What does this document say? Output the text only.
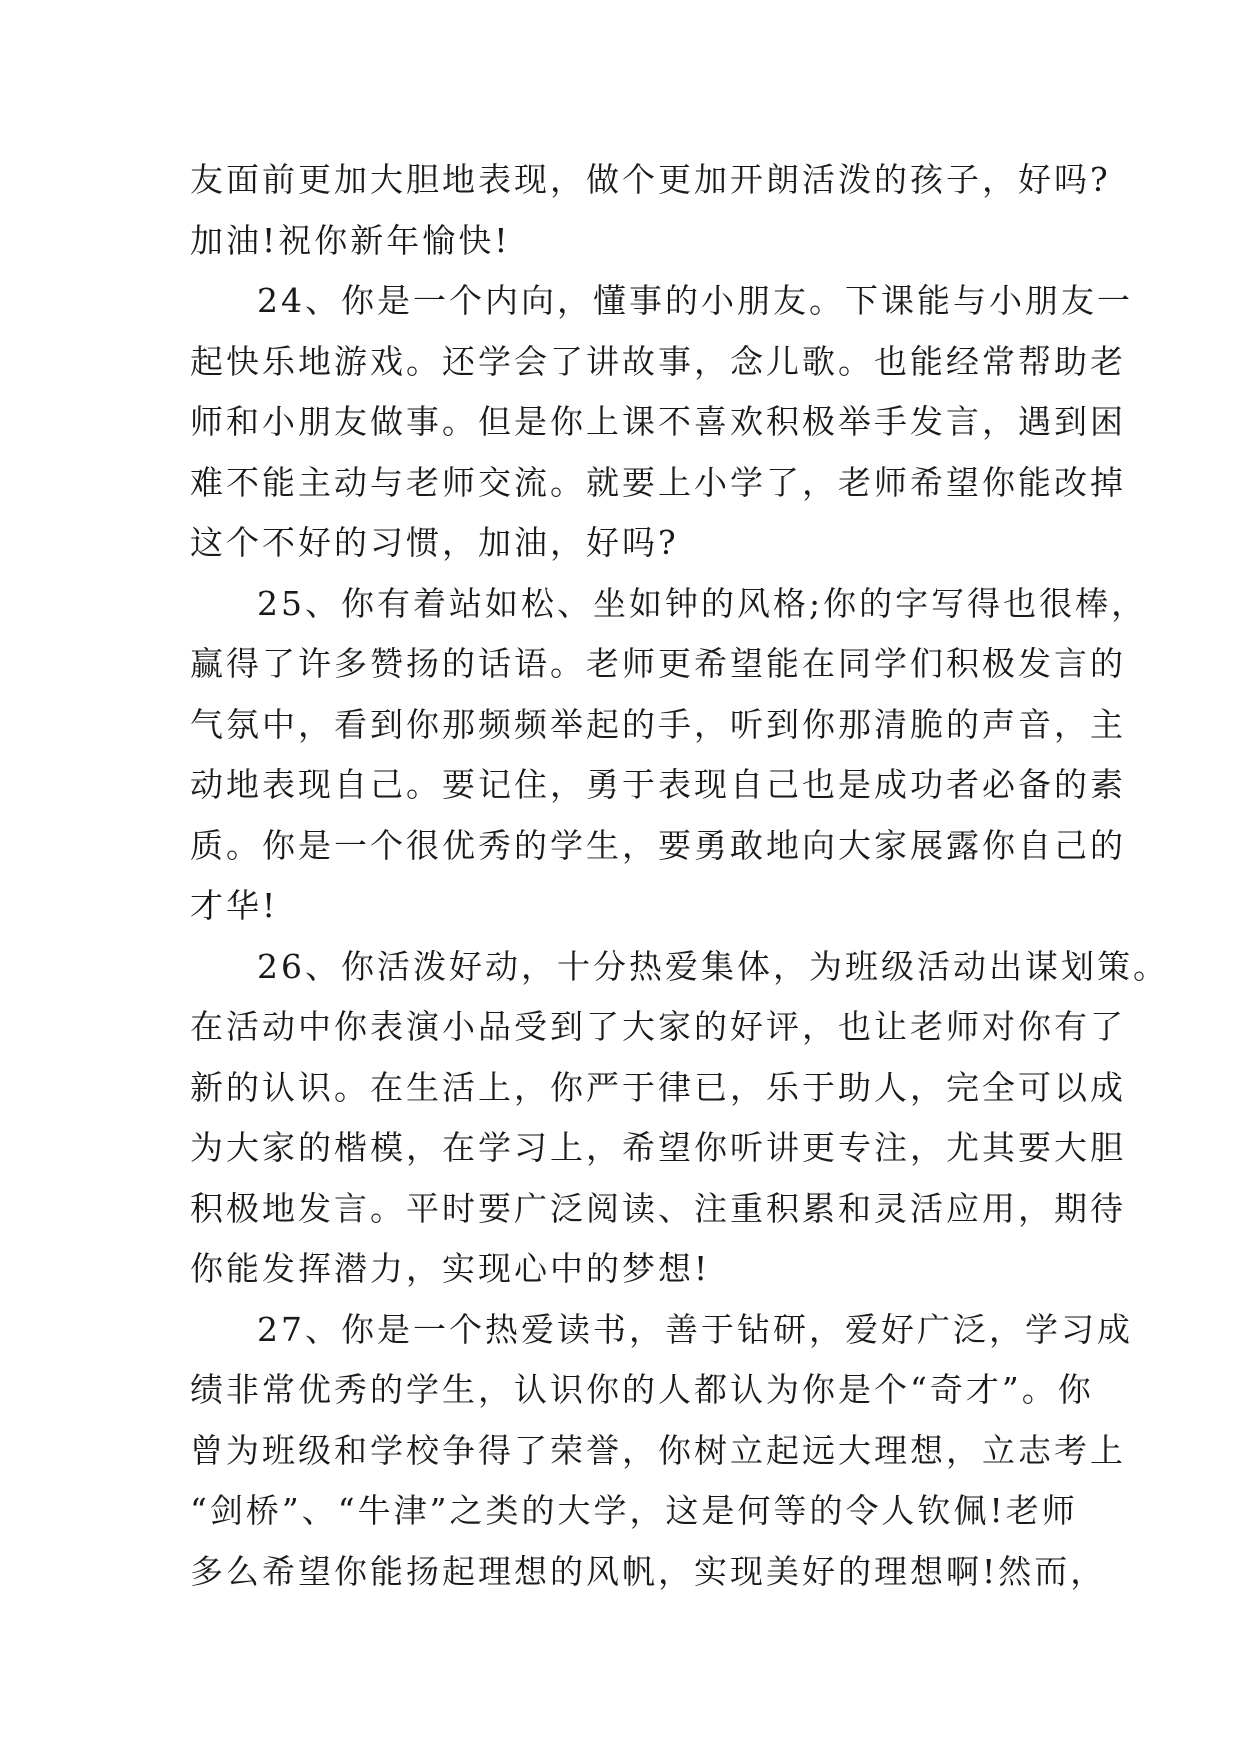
友面前更加大胆地表现，做个更加开朗活泼的孩子，好吗?
加油!祝你新年愉快!
24、你是一个内向，懂事的小朋友。下课能与小朋友一
起快乐地游戏。还学会了讲故事，念儿歌。也能经常帮助老
师和小朋友做事。但是你上课不喜欢积极举手发言，遇到困
难不能主动与老师交流。就要上小学了，老师希望你能改掉
这个不好的习惯，加油，好吗?
25、你有着站如松、坐如钟的风格;你的字写得也很棒，
赢得了许多赞扬的话语。老师更希望能在同学们积极发言的
气氛中，看到你那频频举起的手，听到你那清脆的声音，主
动地表现自己。要记住，勇于表现自己也是成功者必备的素
质。你是一个很优秀的学生，要勇敢地向大家展露你自己的
才华!
26、你活泼好动，十分热爱集体，为班级活动出谋划策。
在活动中你表演小品受到了大家的好评，也让老师对你有了
新的认识。在生活上，你严于律已，乐于助人，完全可以成
为大家的楷模，在学习上，希望你听讲更专注，尤其要大胆
积极地发言。平时要广泛阅读、注重积累和灵活应用，期待
你能发挥潜力，实现心中的梦想!
27、你是一个热爱读书，善于钻研，爱好广泛，学习成
绩非常优秀的学生，认识你的人都认为你是个“奇才”。你
曾为班级和学校争得了荣誉，你树立起远大理想，立志考上
“剑桥”、“牛津”之类的大学，这是何等的令人钦佩!老师
多么希望你能扬起理想的风帆，实现美好的理想啊!然而，
